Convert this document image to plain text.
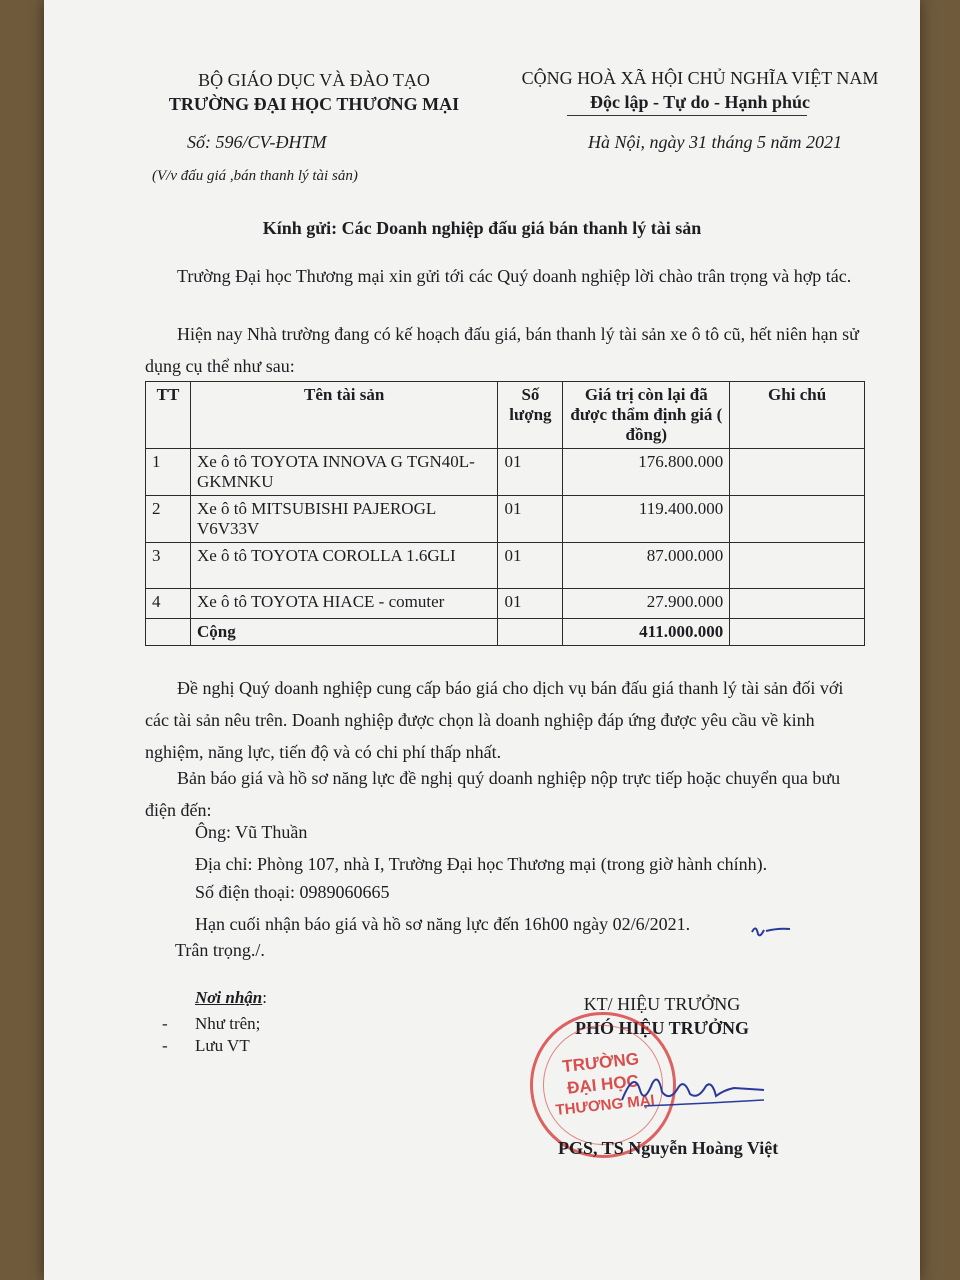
BỘ GIÁO DỤC VÀ ĐÀO TẠO
TRƯỜNG ĐẠI HỌC THƯƠNG MẠI
Số: 596/CV-ĐHTM
(V/v đấu giá ,bán thanh lý tài sản)
CỘNG HOÀ XÃ HỘI CHỦ NGHĨA VIỆT NAM
Độc lập - Tự do - Hạnh phúc
Hà Nội, ngày 31 tháng 5 năm 2021
Kính gửi: Các Doanh nghiệp đấu giá bán thanh lý tài sản
Trường Đại học Thương mại xin gửi tới các Quý doanh nghiệp lời chào trân trọng và hợp tác.
Hiện nay Nhà trường đang có kế hoạch đấu giá, bán thanh lý tài sản xe ô tô cũ, hết niên hạn sử dụng cụ thể như sau:
TT	Tên tài sản	Số lượng	Giá trị còn lại đã được thẩm định giá ( đồng)	Ghi chú
1	Xe ô tô TOYOTA INNOVA G TGN40L-GKMNKU	01	176.800.000	
2	Xe ô tô MITSUBISHI PAJEROGL V6V33V	01	119.400.000	
3	Xe ô tô TOYOTA COROLLA 1.6GLI	01	87.000.000	
4	Xe ô tô TOYOTA HIACE - comuter	01	27.900.000	
	Cộng		411.000.000	
Đề nghị Quý doanh nghiệp cung cấp báo giá cho dịch vụ bán đấu giá thanh lý tài sản đối với các tài sản nêu trên. Doanh nghiệp được chọn là doanh nghiệp đáp ứng được yêu cầu về kinh nghiệm, năng lực, tiến độ và có chi phí thấp nhất.
Bản báo giá và hồ sơ năng lực đề nghị quý doanh nghiệp nộp trực tiếp hoặc chuyển qua bưu điện đến:
Ông: Vũ Thuần
Địa chỉ: Phòng 107, nhà I, Trường Đại học Thương mại (trong giờ hành chính).
Số điện thoại: 0989060665
Hạn cuối nhận báo giá và hồ sơ năng lực đến 16h00 ngày 02/6/2021.
Trân trọng./.
Nơi nhận:
- Như trên;
- Lưu VT
KT/ HIỆU TRƯỞNG
PHÓ HIỆU TRƯỞNG
TRƯỜNG
ĐẠI HỌC
THƯƠNG MẠI
PGS, TS Nguyễn Hoàng Việt
